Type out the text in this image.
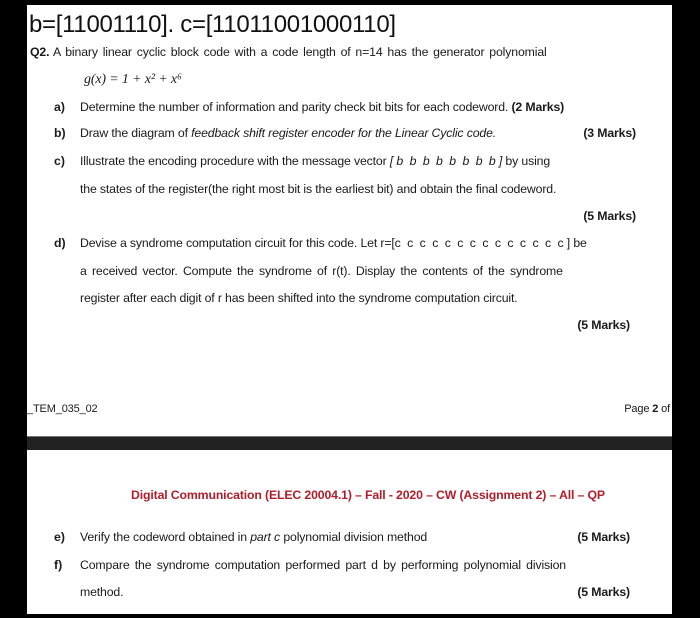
b=[11001110]. c=[11011001000110]
Q2. A binary linear cyclic block code with a code length of n=14 has the generator polynomial
g(x) = 1 + x² + x⁶
a) Determine the number of information and parity check bit bits for each codeword. (2 Marks)
b) Draw the diagram of feedback shift register encoder for the Linear Cyclic code.	(3 Marks)
c) Illustrate the encoding procedure with the message vector [ b  b  b  b  b  b  b  b ] by using
the states of the register(the right most bit is the earliest bit) and obtain the final codeword.
(5 Marks)
d) Devise a syndrome computation circuit for this code. Let r=[c  c  c  c  c  c  c  c  c  c  c  c  c  c ] be
a received vector. Compute the syndrome of r(t). Display the contents of the syndrome
register after each digit of r has been shifted into the syndrome computation circuit.
(5 Marks)
_TEM_035_02	Page 2 of
Digital Communication (ELEC 20004.1) – Fall - 2020 – CW (Assignment 2) – All – QP
e) Verify the codeword obtained in part c polynomial division method	(5 Marks)
f) Compare the syndrome computation performed part d by performing polynomial division
method.	(5 Marks)
